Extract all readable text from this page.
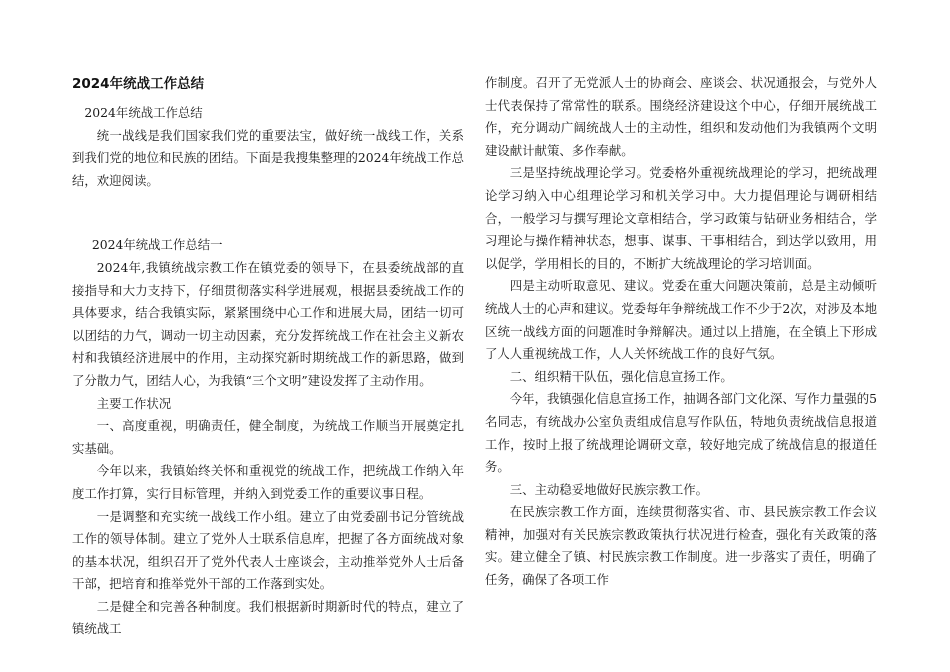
2024年统战工作总结

2024年统战工作总结

统一战线是我们国家我们党的重要法宝，做好统一战线工作，关系到我们党的地位和民族的团结。下面是我搜集整理的2024年统战工作总结，欢迎阅读。

2024年统战工作总结一

2024年,我镇统战宗教工作在镇党委的领导下，在县委统战部的直接指导和大力支持下，仔细贯彻落实科学进展观，根据县委统战工作的具体要求，结合我镇实际，紧紧围绕中心工作和进展大局，团结一切可以团结的力气，调动一切主动因素，充分发挥统战工作在社会主义新农村和我镇经济进展中的作用，主动探究新时期统战工作的新思路，做到了分散力气，团结人心，为我镇“三个文明”建设发挥了主动作用。

主要工作状况

一、高度重视，明确责任，健全制度，为统战工作顺当开展奠定扎实基础。

今年以来，我镇始终关怀和重视党的统战工作，把统战工作纳入年度工作打算，实行目标管理，并纳入到党委工作的重要议事日程。

一是调整和充实统一战线工作小组。建立了由党委副书记分管统战工作的领导体制。建立了党外人士联系信息库，把握了各方面统战对象的基本状况，组织召开了党外代表人士座谈会，主动推举党外人士后备干部，把培育和推举党外干部的工作落到实处。

二是健全和完善各种制度。我们根据新时期新时代的特点，建立了镇统战工

作制度。召开了无党派人士的协商会、座谈会、状况通报会，与党外人士代表保持了常常性的联系。围绕经济建设这个中心，仔细开展统战工作，充分调动广阔统战人士的主动性，组织和发动他们为我镇两个文明建设献计献策、多作奉献。

三是坚持统战理论学习。党委格外重视统战理论的学习，把统战理论学习纳入中心组理论学习和机关学习中。大力提倡理论与调研相结合，一般学习与撰写理论文章相结合，学习政策与钻研业务相结合，学习理论与操作精神状态，想事、谋事、干事相结合，到达学以致用，用以促学，学用相长的目的，不断扩大统战理论的学习培训面。

四是主动听取意见、建议。党委在重大问题决策前，总是主动倾听统战人士的心声和建议。党委每年争辩统战工作不少于2次，对涉及本地区统一战线方面的问题准时争辩解决。通过以上措施，在全镇上下形成了人人重视统战工作，人人关怀统战工作的良好气氛。

二、组织精干队伍，强化信息宣扬工作。

今年，我镇强化信息宣扬工作，抽调各部门文化深、写作力量强的5名同志，有统战办公室负责组成信息写作队伍，特地负责统战信息报道工作，按时上报了统战理论调研文章，较好地完成了统战信息的报道任务。

三、主动稳妥地做好民族宗教工作。

在民族宗教工作方面，连续贯彻落实省、市、县民族宗教工作会议精神，加强对有关民族宗教政策执行状况进行检查，强化有关政策的落实。建立健全了镇、村民族宗教工作制度。进一步落实了责任，明确了任务，确保了各项工作
